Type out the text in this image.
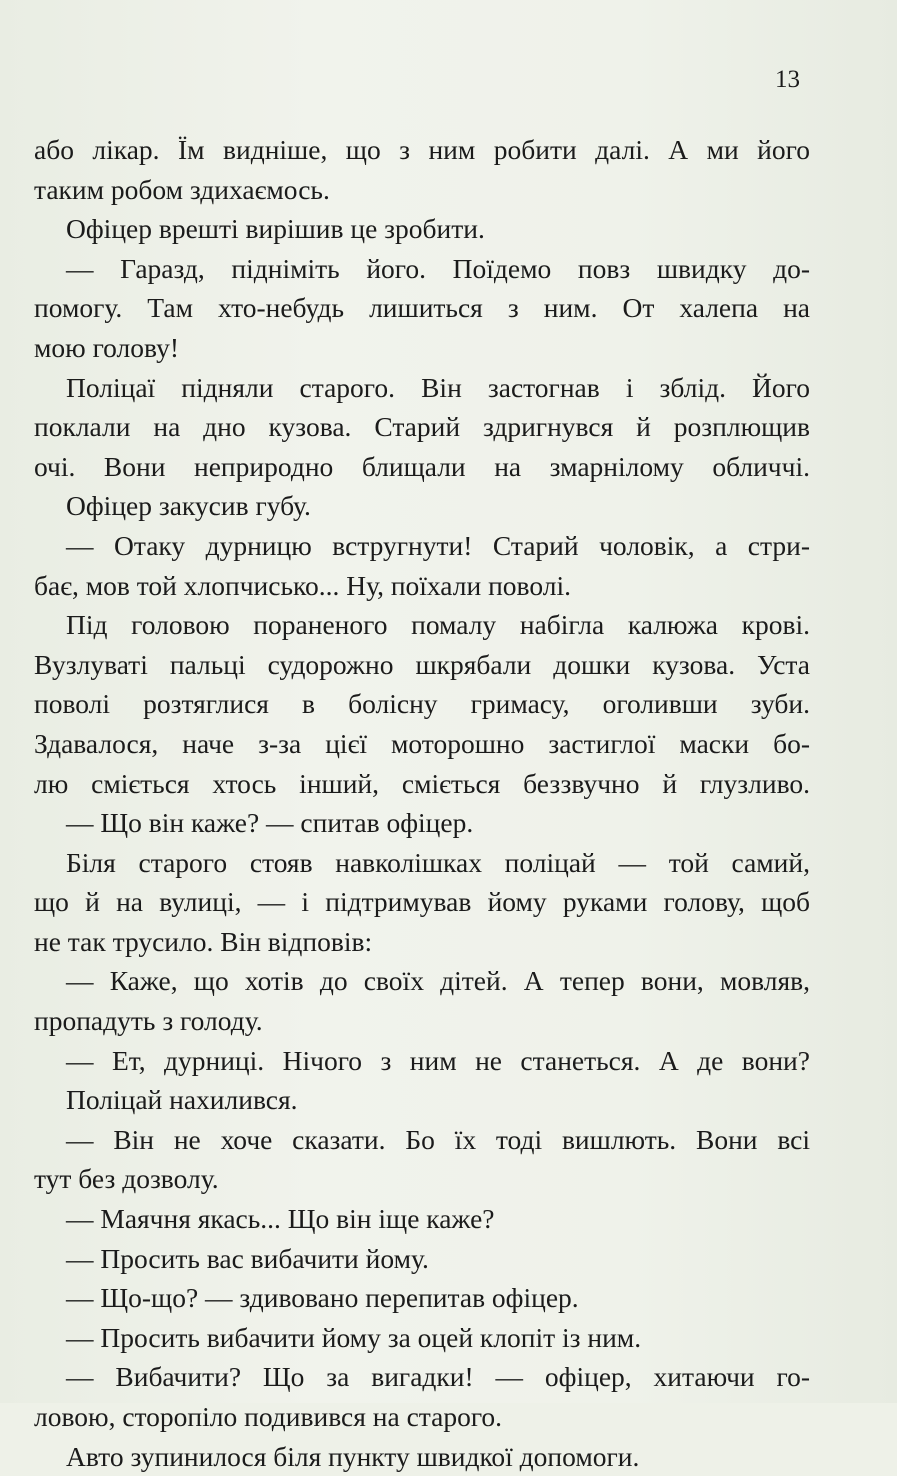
13
або лікар. Їм видніше, що з ним робити далі. А ми його
таким робом здихаємось.
Офіцер врешті вирішив це зробити.
— Гаразд, підніміть його. Поїдемо повз швидку до-
помогу. Там хто-небудь лишиться з ним. От халепа на
мою голову!
Поліцаї підняли старого. Він застогнав і зблід. Його
поклали на дно кузова. Старий здригнувся й розплющив
очі. Вони неприродно блищали на змарнілому обличчі.
Офіцер закусив губу.
— Отаку дурницю встругнути! Старий чоловік, а стри-
бає, мов той хлопчисько... Ну, поїхали поволі.
Під головою пораненого помалу набігла калюжа крові.
Вузлуваті пальці судорожно шкрябали дошки кузова. Уста
поволі розтяглися в болісну гримасу, оголивши зуби.
Здавалося, наче з-за цієї моторошно застиглої маски бо-
лю сміється хтось інший, сміється беззвучно й глузливо.
— Що він каже? — спитав офіцер.
Біля старого стояв навколішках поліцай — той самий,
що й на вулиці, — і підтримував йому руками голову, щоб
не так трусило. Він відповів:
— Каже, що хотів до своїх дітей. А тепер вони, мовляв,
пропадуть з голоду.
— Ет, дурниці. Нічого з ним не станеться. А де вони?
Поліцай нахилився.
— Він не хоче сказати. Бо їх тоді вишлють. Вони всі
тут без дозволу.
— Маячня якась... Що він іще каже?
— Просить вас вибачити йому.
— Що-що? — здивовано перепитав офіцер.
— Просить вибачити йому за оцей клопіт із ним.
— Вибачити? Що за вигадки! — офіцер, хитаючи го-
ловою, сторопіло подивився на старого.
Авто зупинилося біля пункту швидкої допомоги.
